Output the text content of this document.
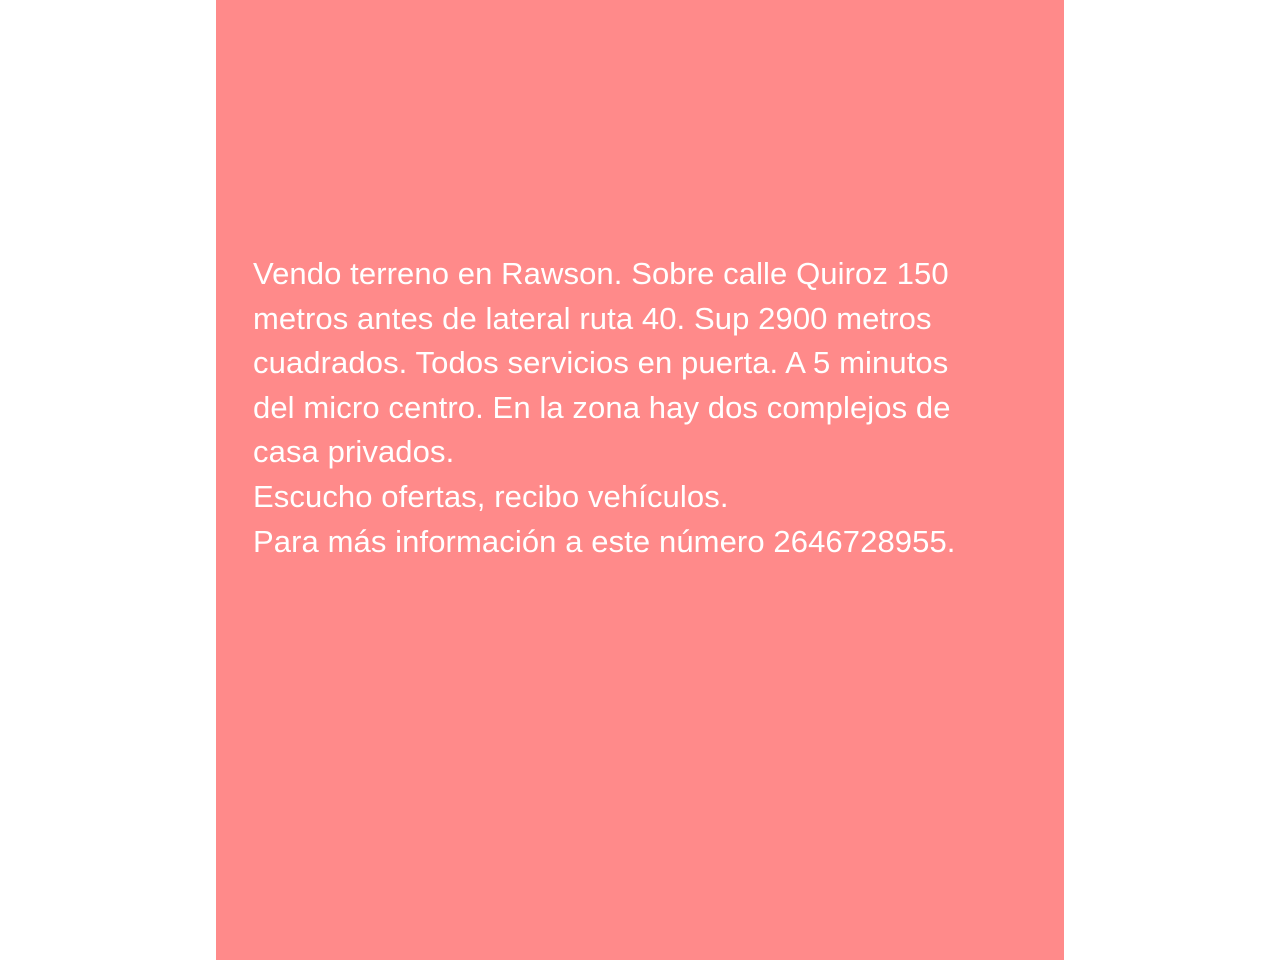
Vendo terreno en Rawson. Sobre calle Quiroz 150
metros antes de lateral ruta 40. Sup 2900 metros
cuadrados. Todos servicios en puerta. A 5 minutos
del micro centro. En la zona hay dos complejos de
casa privados.
Escucho ofertas, recibo vehículos.
Para más información a este número 2646728955.
